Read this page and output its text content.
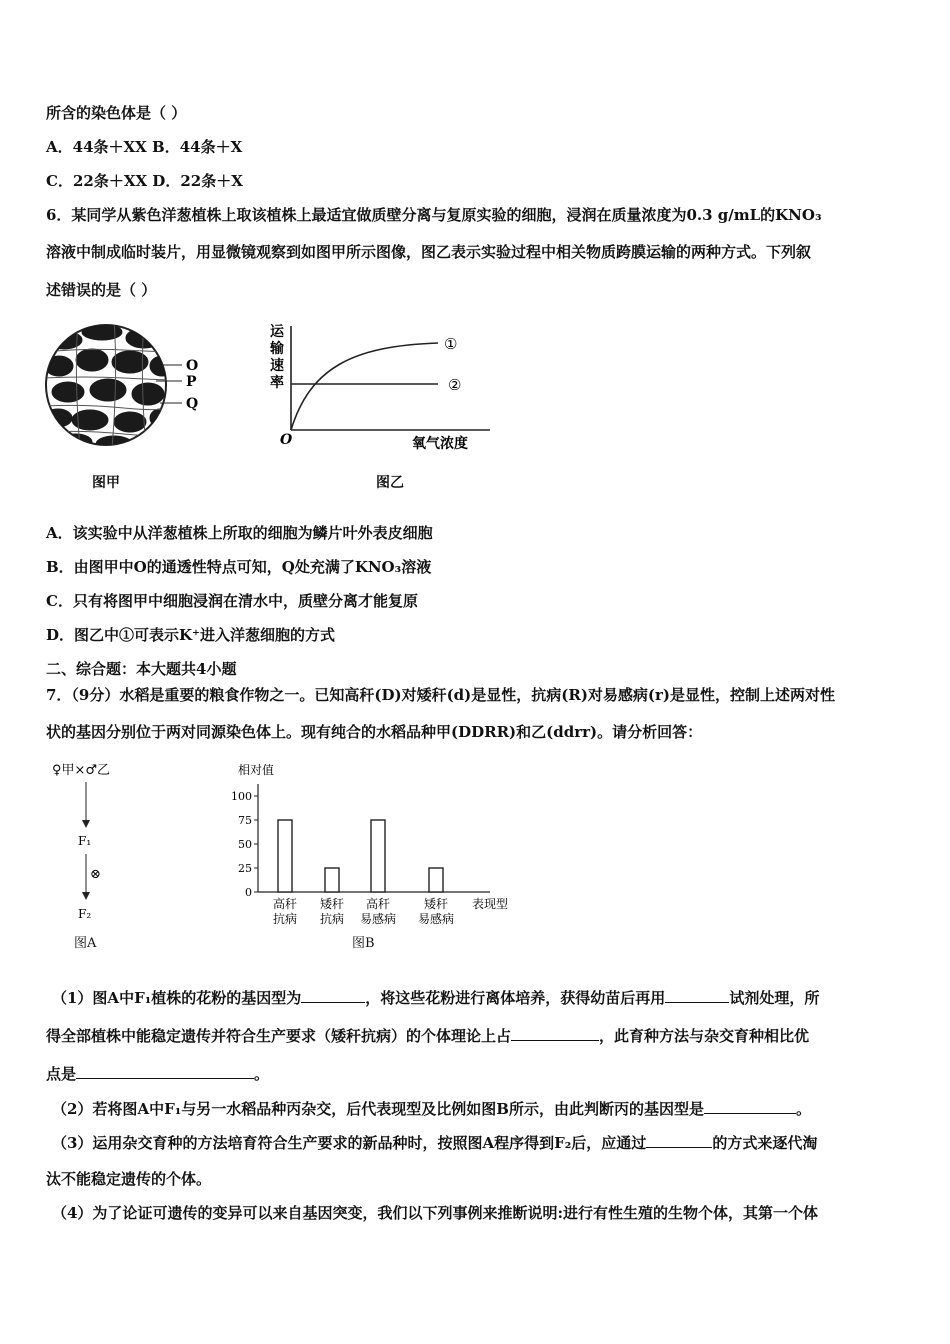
所含的染色体是（ ）
A．44条＋XX B．44条＋X
C．22条＋XX D．22条＋X
6．某同学从紫色洋葱植株上取该植株上最适宜做质壁分离与复原实验的细胞，浸润在质量浓度为0.3 g/mL的KNO₃
溶液中制成临时装片，用显微镜观察到如图甲所示图像，图乙表示实验过程中相关物质跨膜运输的两种方式。下列叙
述错误的是（ ）
O
P
Q
图甲
运
输
速
率
①
②
O	氧气浓度
图乙
A．该实验中从洋葱植株上所取的细胞为鳞片叶外表皮细胞
B．由图甲中O的通透性特点可知，Q处充满了KNO₃溶液
C．只有将图甲中细胞浸润在清水中，质壁分离才能复原
D．图乙中①可表示K⁺进入洋葱细胞的方式
二、综合题：本大题共4小题
7．（9分）水稻是重要的粮食作物之一。已知高秆(D)对矮秆(d)是显性，抗病(R)对易感病(r)是显性，控制上述两对性
状的基因分别位于两对同源染色体上。现有纯合的水稻品种甲(DDRR)和乙(ddrr)。请分析回答：
♀甲×♂乙
F₁
⊗
F₂
图A
相对值
表现型
0
25
50
75
100
高秆
抗病
矮秆
抗病
高秆
易感病
矮秆
易感病
图B
（1）图A中F₁植株的花粉的基因型为	，将这些花粉进行离体培养，获得幼苗后再用	试剂处理，所
得全部植株中能稳定遗传并符合生产要求（矮秆抗病）的个体理论上占	，此育种方法与杂交育种相比优
点是	。
（2）若将图A中F₁与另一水稻品种丙杂交，后代表现型及比例如图B所示，由此判断丙的基因型是	。
（3）运用杂交育种的方法培育符合生产要求的新品种时，按照图A程序得到F₂后，应通过	的方式来逐代淘
汰不能稳定遗传的个体。
（4）为了论证可遗传的变异可以来自基因突变，我们以下列事例来推断说明:进行有性生殖的生物个体，其第一个体
